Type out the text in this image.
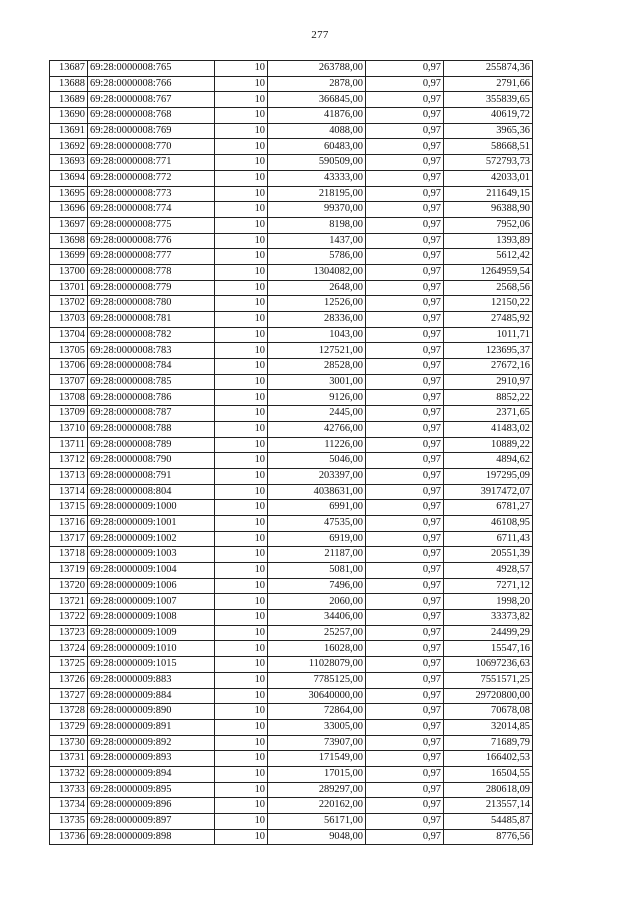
277
13687	69:28:0000008:765	10	263788,00	0,97	255874,36
13688	69:28:0000008:766	10	2878,00	0,97	2791,66
13689	69:28:0000008:767	10	366845,00	0,97	355839,65
13690	69:28:0000008:768	10	41876,00	0,97	40619,72
13691	69:28:0000008:769	10	4088,00	0,97	3965,36
13692	69:28:0000008:770	10	60483,00	0,97	58668,51
13693	69:28:0000008:771	10	590509,00	0,97	572793,73
13694	69:28:0000008:772	10	43333,00	0,97	42033,01
13695	69:28:0000008:773	10	218195,00	0,97	211649,15
13696	69:28:0000008:774	10	99370,00	0,97	96388,90
13697	69:28:0000008:775	10	8198,00	0,97	7952,06
13698	69:28:0000008:776	10	1437,00	0,97	1393,89
13699	69:28:0000008:777	10	5786,00	0,97	5612,42
13700	69:28:0000008:778	10	1304082,00	0,97	1264959,54
13701	69:28:0000008:779	10	2648,00	0,97	2568,56
13702	69:28:0000008:780	10	12526,00	0,97	12150,22
13703	69:28:0000008:781	10	28336,00	0,97	27485,92
13704	69:28:0000008:782	10	1043,00	0,97	1011,71
13705	69:28:0000008:783	10	127521,00	0,97	123695,37
13706	69:28:0000008:784	10	28528,00	0,97	27672,16
13707	69:28:0000008:785	10	3001,00	0,97	2910,97
13708	69:28:0000008:786	10	9126,00	0,97	8852,22
13709	69:28:0000008:787	10	2445,00	0,97	2371,65
13710	69:28:0000008:788	10	42766,00	0,97	41483,02
13711	69:28:0000008:789	10	11226,00	0,97	10889,22
13712	69:28:0000008:790	10	5046,00	0,97	4894,62
13713	69:28:0000008:791	10	203397,00	0,97	197295,09
13714	69:28:0000008:804	10	4038631,00	0,97	3917472,07
13715	69:28:0000009:1000	10	6991,00	0,97	6781,27
13716	69:28:0000009:1001	10	47535,00	0,97	46108,95
13717	69:28:0000009:1002	10	6919,00	0,97	6711,43
13718	69:28:0000009:1003	10	21187,00	0,97	20551,39
13719	69:28:0000009:1004	10	5081,00	0,97	4928,57
13720	69:28:0000009:1006	10	7496,00	0,97	7271,12
13721	69:28:0000009:1007	10	2060,00	0,97	1998,20
13722	69:28:0000009:1008	10	34406,00	0,97	33373,82
13723	69:28:0000009:1009	10	25257,00	0,97	24499,29
13724	69:28:0000009:1010	10	16028,00	0,97	15547,16
13725	69:28:0000009:1015	10	11028079,00	0,97	10697236,63
13726	69:28:0000009:883	10	7785125,00	0,97	7551571,25
13727	69:28:0000009:884	10	30640000,00	0,97	29720800,00
13728	69:28:0000009:890	10	72864,00	0,97	70678,08
13729	69:28:0000009:891	10	33005,00	0,97	32014,85
13730	69:28:0000009:892	10	73907,00	0,97	71689,79
13731	69:28:0000009:893	10	171549,00	0,97	166402,53
13732	69:28:0000009:894	10	17015,00	0,97	16504,55
13733	69:28:0000009:895	10	289297,00	0,97	280618,09
13734	69:28:0000009:896	10	220162,00	0,97	213557,14
13735	69:28:0000009:897	10	56171,00	0,97	54485,87
13736	69:28:0000009:898	10	9048,00	0,97	8776,56
